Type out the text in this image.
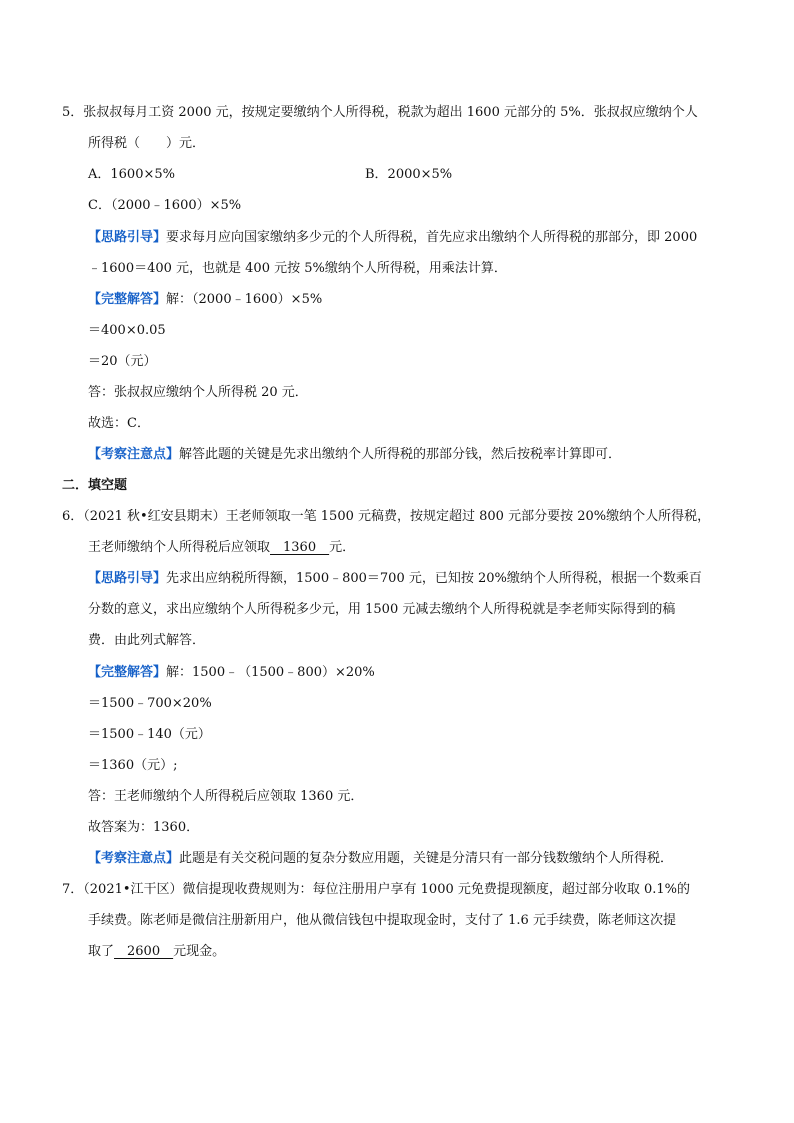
5．张叔叔每月工资 2000 元，按规定要缴纳个人所得税，税款为超出 1600 元部分的 5%．张叔叔应缴纳个人
所得税（　　）元．
A．1600×5%	B．2000×5%
C．（2000﹣1600）×5%
【思路引导】要求每月应向国家缴纳多少元的个人所得税，首先应求出缴纳个人所得税的那部分，即 2000
﹣1600＝400 元，也就是 400 元按 5%缴纳个人所得税，用乘法计算．
【完整解答】解：（2000﹣1600）×5%
＝400×0.05
＝20（元）
答：张叔叔应缴纳个人所得税 20 元．
故选：C．
【考察注意点】解答此题的关键是先求出缴纳个人所得税的那部分钱，然后按税率计算即可．
二．填空题
6．（2021 秋•红安县期末）王老师领取一笔 1500 元稿费，按规定超过 800 元部分要按 20%缴纳个人所得税，
王老师缴纳个人所得税后应领取　1360　元．
【思路引导】先求出应纳税所得额，1500﹣800＝700 元，已知按 20%缴纳个人所得税，根据一个数乘百
分数的意义，求出应缴纳个人所得税多少元，用 1500 元减去缴纳个人所得税就是李老师实际得到的稿
费．由此列式解答．
【完整解答】解：1500﹣（1500﹣800）×20%
＝1500﹣700×20%
＝1500﹣140（元）
＝1360（元）;
答：王老师缴纳个人所得税后应领取 1360 元．
故答案为：1360．
【考察注意点】此题是有关交税问题的复杂分数应用题，关键是分清只有一部分钱数缴纳个人所得税．
7．（2021•江干区）微信提现收费规则为：每位注册用户享有 1000 元免费提现额度，超过部分收取 0.1%的
手续费。陈老师是微信注册新用户，他从微信钱包中提取现金时，支付了 1.6 元手续费，陈老师这次提
取了　2600　元现金。
